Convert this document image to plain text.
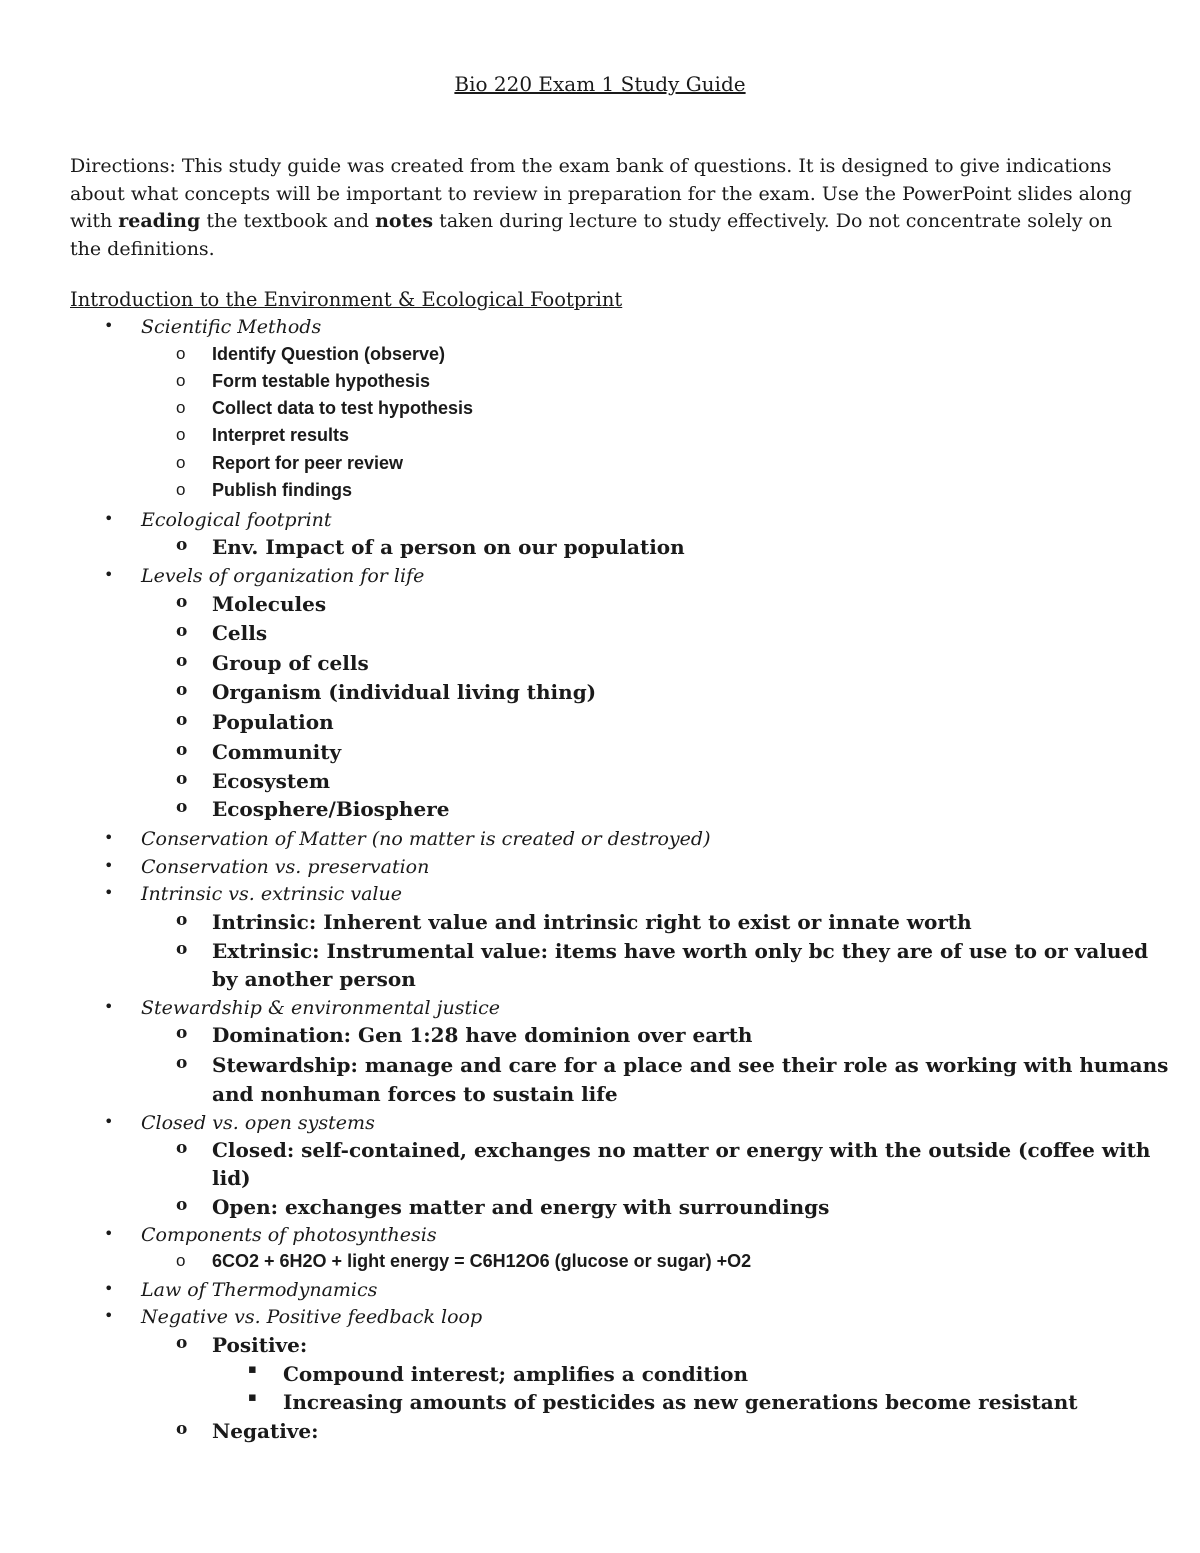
Bio 220 Exam 1 Study Guide

Directions: This study guide was created from the exam bank of questions. It is designed to give indications about what concepts will be important to review in preparation for the exam. Use the PowerPoint slides along with reading the textbook and notes taken during lecture to study effectively. Do not concentrate solely on the definitions.

Introduction to the Environment & Ecological Footprint
• Scientific Methods
o Identify Question (observe)
o Form testable hypothesis
o Collect data to test hypothesis
o Interpret results
o Report for peer review
o Publish findings
• Ecological footprint
o Env. Impact of a person on our population
• Levels of organization for life
o Molecules
o Cells
o Group of cells
o Organism (individual living thing)
o Population
o Community
o Ecosystem
o Ecosphere/Biosphere
• Conservation of Matter (no matter is created or destroyed)
• Conservation vs. preservation
• Intrinsic vs. extrinsic value
o Intrinsic: Inherent value and intrinsic right to exist or innate worth
o Extrinsic: Instrumental value: items have worth only bc they are of use to or valued
by another person
• Stewardship & environmental justice
o Domination: Gen 1:28 have dominion over earth
o Stewardship: manage and care for a place and see their role as working with humans
and nonhuman forces to sustain life
• Closed vs. open systems
o Closed: self-contained, exchanges no matter or energy with the outside (coffee with
lid)
o Open: exchanges matter and energy with surroundings
• Components of photosynthesis
o 6CO2 + 6H2O + light energy = C6H12O6 (glucose or sugar) +O2
• Law of Thermodynamics
• Negative vs. Positive feedback loop
o Positive:
▪ Compound interest; amplifies a condition
▪ Increasing amounts of pesticides as new generations become resistant
o Negative:
